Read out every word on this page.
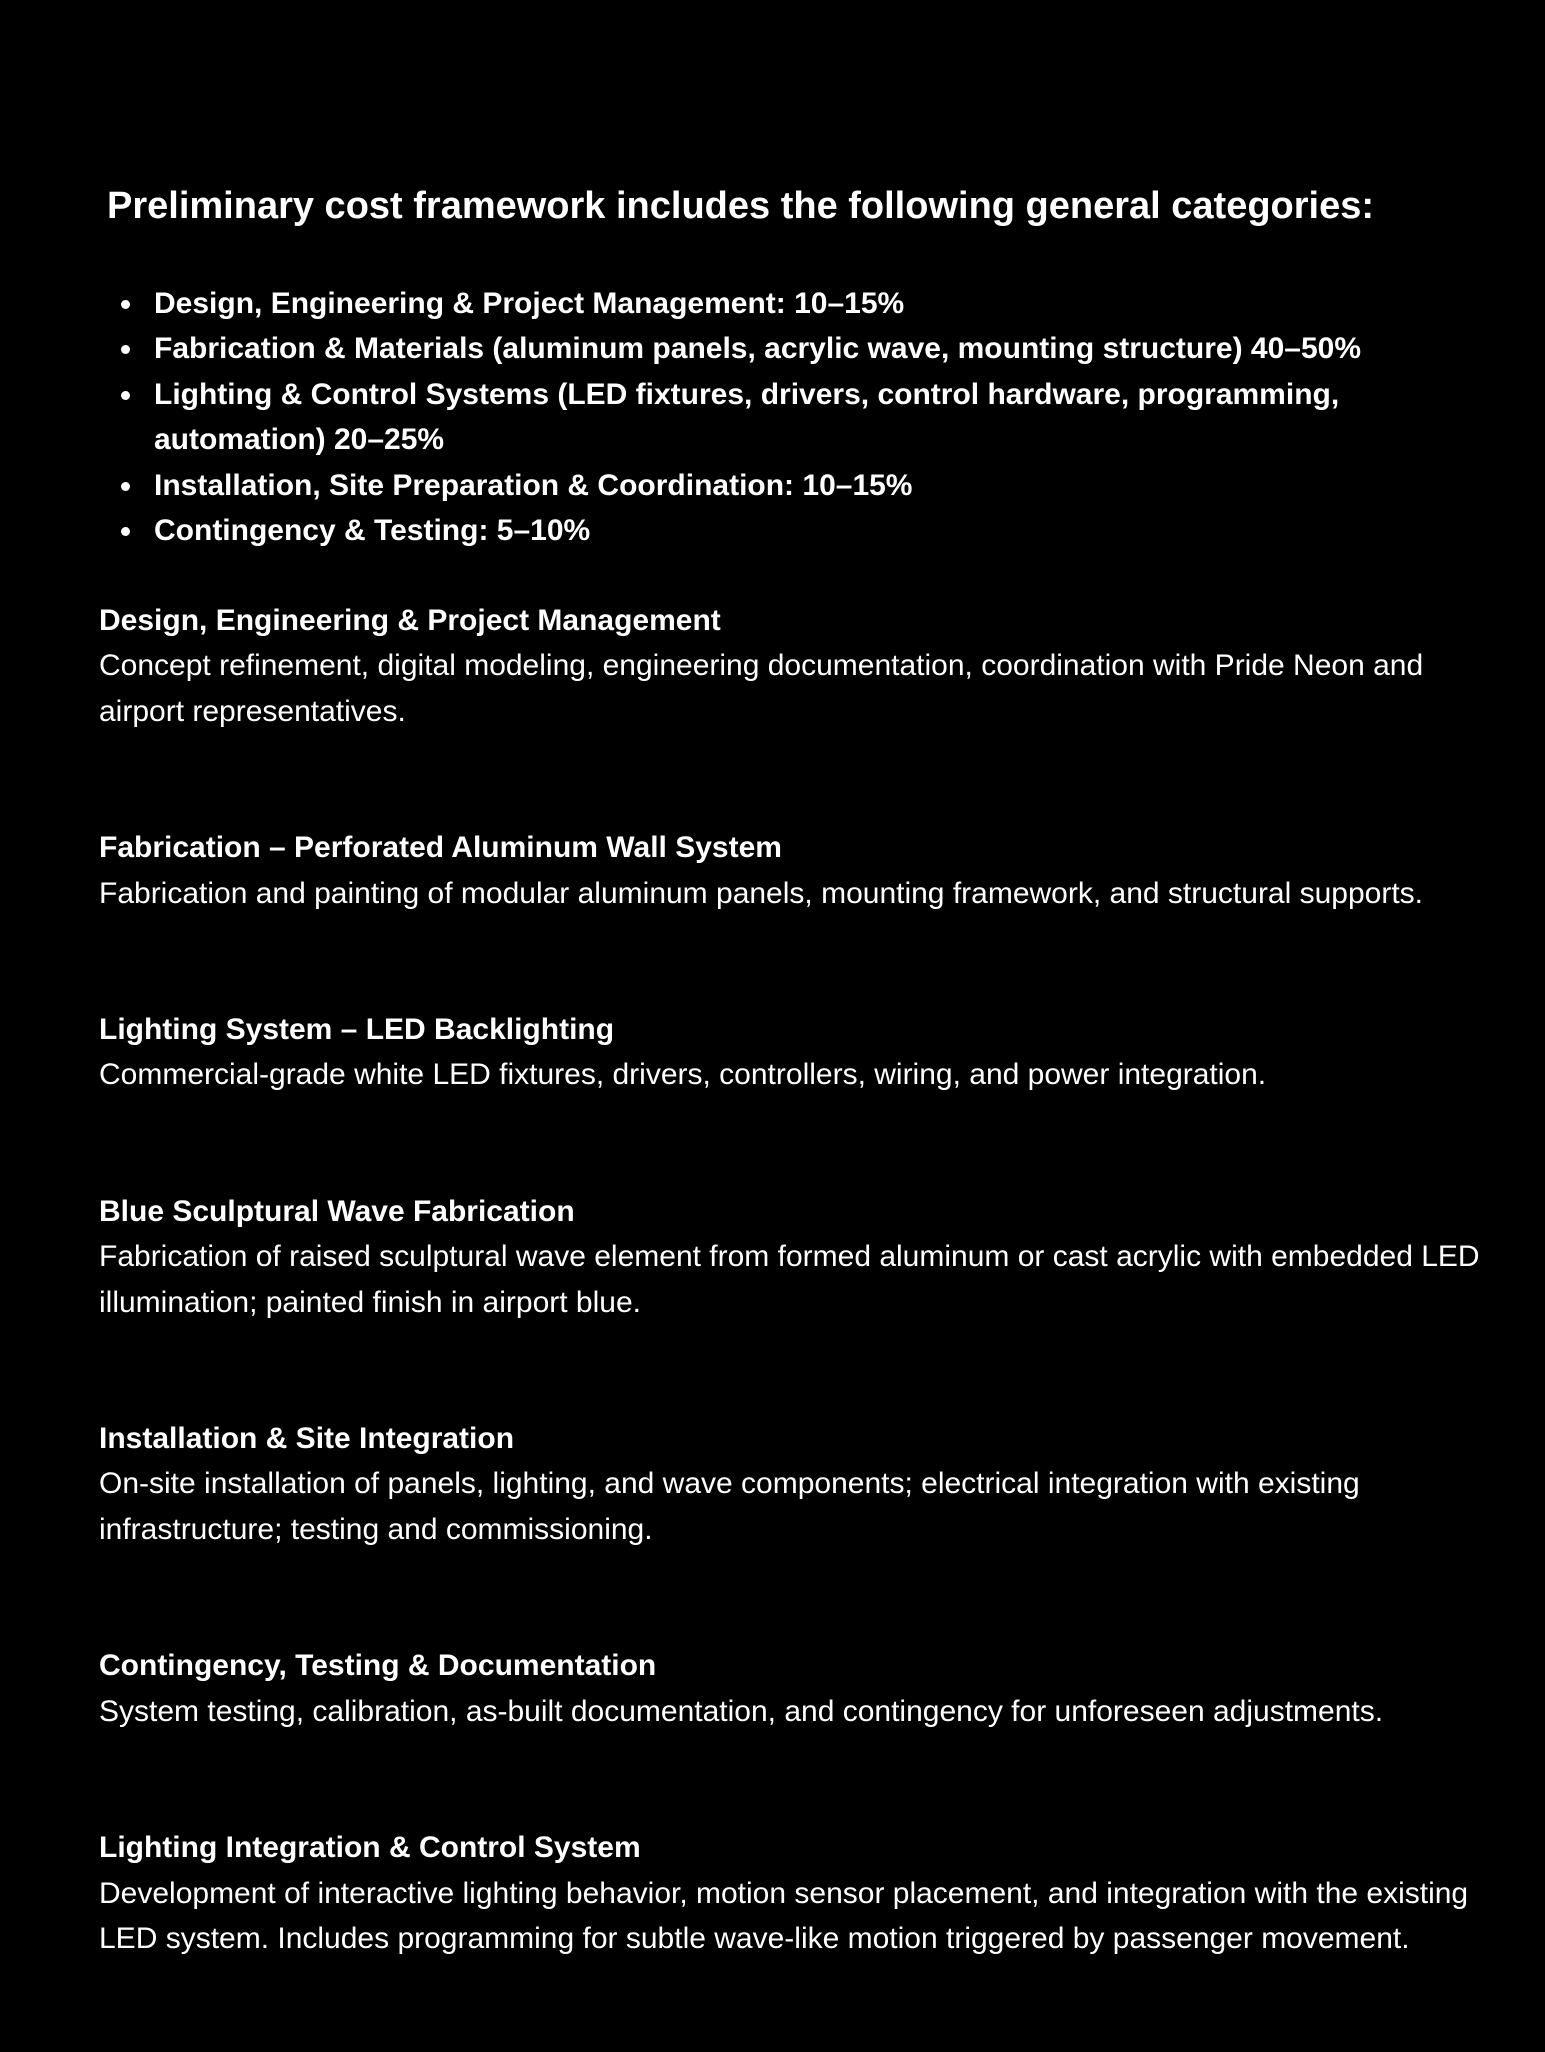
Preliminary cost framework includes the following general categories:
Design, Engineering & Project Management: 10–15%
Fabrication & Materials (aluminum panels, acrylic wave, mounting structure) 40–50%
Lighting & Control Systems (LED fixtures, drivers, control hardware, programming, automation) 20–25%
Installation, Site Preparation & Coordination: 10–15%
Contingency & Testing: 5–10%

Design, Engineering & Project Management

Concept refinement, digital modeling, engineering documentation, coordination with Pride Neon and airport representatives.

Fabrication – Perforated Aluminum Wall System

Fabrication and painting of modular aluminum panels, mounting framework, and structural supports.

Lighting System – LED Backlighting

Commercial-grade white LED fixtures, drivers, controllers, wiring, and power integration.

Blue Sculptural Wave Fabrication

Fabrication of raised sculptural wave element from formed aluminum or cast acrylic with embedded LED illumination; painted finish in airport blue.

Installation & Site Integration

On-site installation of panels, lighting, and wave components; electrical integration with existing infrastructure; testing and commissioning.

Contingency, Testing & Documentation

System testing, calibration, as-built documentation, and contingency for unforeseen adjustments.

Lighting Integration & Control System

Development of interactive lighting behavior, motion sensor placement, and integration with the existing LED system. Includes programming for subtle wave-like motion triggered by passenger movement.
